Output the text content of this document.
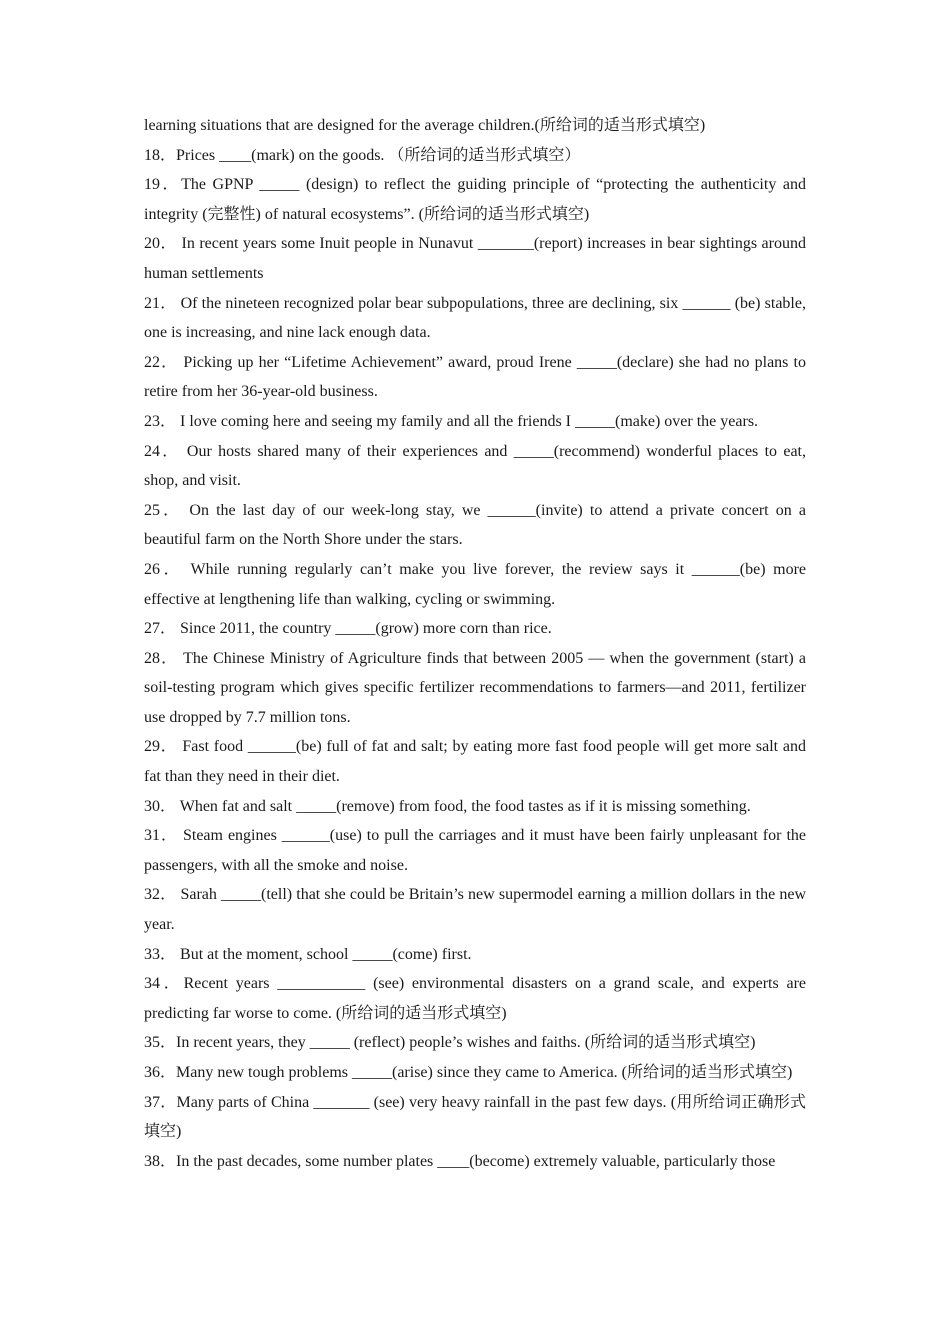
learning situations that are designed for the average children.(所给词的适当形式填空)

18．Prices ____(mark) on the goods. （所给词的适当形式填空）

19．The GPNP _____ (design) to reflect the guiding principle of “protecting the authenticity and integrity (完整性) of natural ecosystems”. (所给词的适当形式填空)

20． In recent years some Inuit people in Nunavut _______(report) increases in bear sightings around human settlements

21． Of the nineteen recognized polar bear subpopulations, three are declining, six ______ (be) stable, one is increasing, and nine lack enough data.

22． Picking up her “Lifetime Achievement” award, proud Irene _____(declare) she had no plans to retire from her 36-year-old business.

23． I love coming here and seeing my family and all the friends I _____(make) over the years.

24． Our hosts shared many of their experiences and _____(recommend) wonderful places to eat, shop, and visit.

25． On the last day of our week-long stay, we ______(invite) to attend a private concert on a beautiful farm on the North Shore under the stars.

26． While running regularly can’t make you live forever, the review says it ______(be) more effective at lengthening life than walking, cycling or swimming.

27． Since 2011, the country _____(grow) more corn than rice.

28． The Chinese Ministry of Agriculture finds that between 2005 — when the government (start) a soil-testing program which gives specific fertilizer recommendations to farmers—and 2011, fertilizer use dropped by 7.7 million tons.

29． Fast food ______(be) full of fat and salt; by eating more fast food people will get more salt and fat than they need in their diet.

30． When fat and salt _____(remove) from food, the food tastes as if it is missing something.

31． Steam engines ______(use) to pull the carriages and it must have been fairly unpleasant for the passengers, with all the smoke and noise.

32． Sarah _____(tell) that she could be Britain’s new supermodel earning a million dollars in the new year.

33． But at the moment, school _____(come) first.

34．Recent years ___________ (see) environmental disasters on a grand scale, and experts are predicting far worse to come. (所给词的适当形式填空)

35．In recent years, they _____ (reflect) people’s wishes and faiths. (所给词的适当形式填空)

36．Many new tough problems _____(arise) since they came to America. (所给词的适当形式填空)

37．Many parts of China _______ (see) very heavy rainfall in the past few days. (用所给词正确形式填空)

38．In the past decades, some number plates ____(become) extremely valuable, particularly those
